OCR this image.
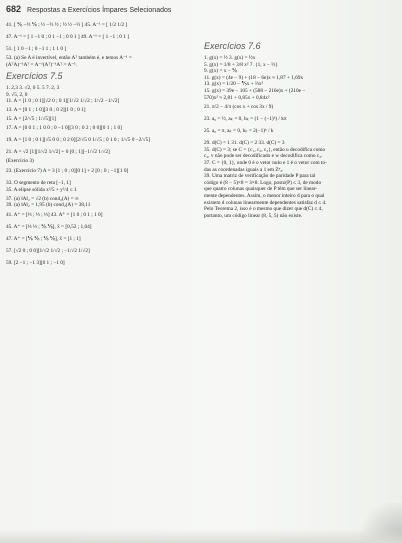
682 Respostas a Exercícios Ímpares Selecionados
41. [ ⅙ −½ ⅙ ; ½ −½ ½ ; ½ ½ −½ ] 45. A⁻¹ = [ 1/2 1/2 ]
47. A⁻¹ = [ 1 −1 0 ; 0 1 −1 ; 0 0 1 ] 49. A⁻¹ = [ 1 −1 ; 0 1 ]
51. [ 1 0 −1 ; 0 −1 1 ; 1 1 0 ]
53. (a) Se A é invertível, então Aᵀ também é, e temos A⁻¹ =
(AᵀA)⁻¹Aᵀ = A⁻¹(Aᵀ)⁻¹Aᵀ = A⁻¹.
Exercícios 7.5
1. 2,3 3. √2, 0 5. 5 7. 2, 3
9. √5, 2, 0
11. A = [1 0 ; 0 1][√2 0 ; 0 1][1/√2 1/√2 ; 1/√2 −1/√2]
13. A = [0 1 ; 1 0][3 0 ; 0 2][1 0 ; 0 1]
15. A = [2/√5 ; 1/√5][1]
17. A = [0 0 1 ; 1 0 0 ; 0 −1 0][3 0 ; 0 2 ; 0 0][0 1 ; 1 0]
19. A = [1 0 ; 0 1][√5 0 0 ; 0 2 0][2/√5 0 1/√5 ; 0 1 0 ; 1/√5 0 −2/√5]
21. A = √2 [1][1/√2 1/√2] + 0 [0 ; 1][−1/√2 1/√2]
(Exercício 3)
23. (Exercício 7) A = 3 [1 ; 0 ; 0][0 1] + 2 [0 ; 0 ; −1][1 0]
33. O segmento de reta [−1, 1]
35. A elipse sólida x²/5 + y²/4 ≤ 1
37. (a) ‖A‖₂ = √2 (b) cond₂(A) = ∞
39. (a) ‖A‖₂ = 1,95 (b) cond₂(A) = 38,11
41. A⁺ = [⅓ ; ⅓ ; ⅓] 43. A⁺ = [1 0 ; 0 1 ; 1 0]
45. A⁺ = [⅓ ⅓ ; ⅙ ⅙], x̄ = [0,52 ; 1,04]
47. A⁺ = [⅙ ⅙ ; ⅙ ⅙], x̄ = [1 ; 1]
57. [√2 0 ; 0 0][1/√2 1/√2 ; −1/√2 1/√2]
59. [2 −1 ; −1 3][0 1 ; −1 0]
Exercícios 7.6
1. g(x) = ½ 3. g(x) = ½x
5. g(x) = 1/8 + 3/8 x² 7. {1, x − ½}
9. g(x) = x − ⅙
11. g(x) = (4e − 9) + (18 − 6e)x ≈ 1,87 + 1,69x
13. g(x) = 1/20 − ⅗x + ⅔x²
15. g(x) = 39e − 105 + (588 − 216e)x + (210e −
570)x² ≈ 2,81 + 0,85x + 0,84x²
21. π/2 − 4/π (cos x + cos 3x / 9)
23. a₀ = ½, aₖ = 0, bₖ = (1 − (−1)ᵏ) / kπ
25. a₀ = π, aₖ = 0, bₖ = 2(−1)ᵏ / k
29. d(C) = 1 31. d(C) = 2 33. d(C) = 3
35. d(C) = 3; se C = {c₁, c₂, c₃}, então u decodifica como
c₂, v não pode ser decodificado e w decodifica como c₃.
37. C = {0, 1}, onde 0 é o vetor nulo e 1 é o vetor com to-
das as coordenadas iguais a 1 em Zⁿ₂.
39. Uma matriz de verificação de paridade P para tal
código é (8 − 5)×8 = 3×8. Logo, posto(P) ≤ 3, de modo
que quatro colunas quaisquer de P têm que ser linear-
mente dependentes. Assim, o menor inteiro d para o qual
existem d colunas linearmente dependentes satisfaz d ≤ 4.
Pelo Teorema 2, isso é o mesmo que dizer que d(C) ≤ 4,
portanto, um código linear (8, 5, 5) não existe.
